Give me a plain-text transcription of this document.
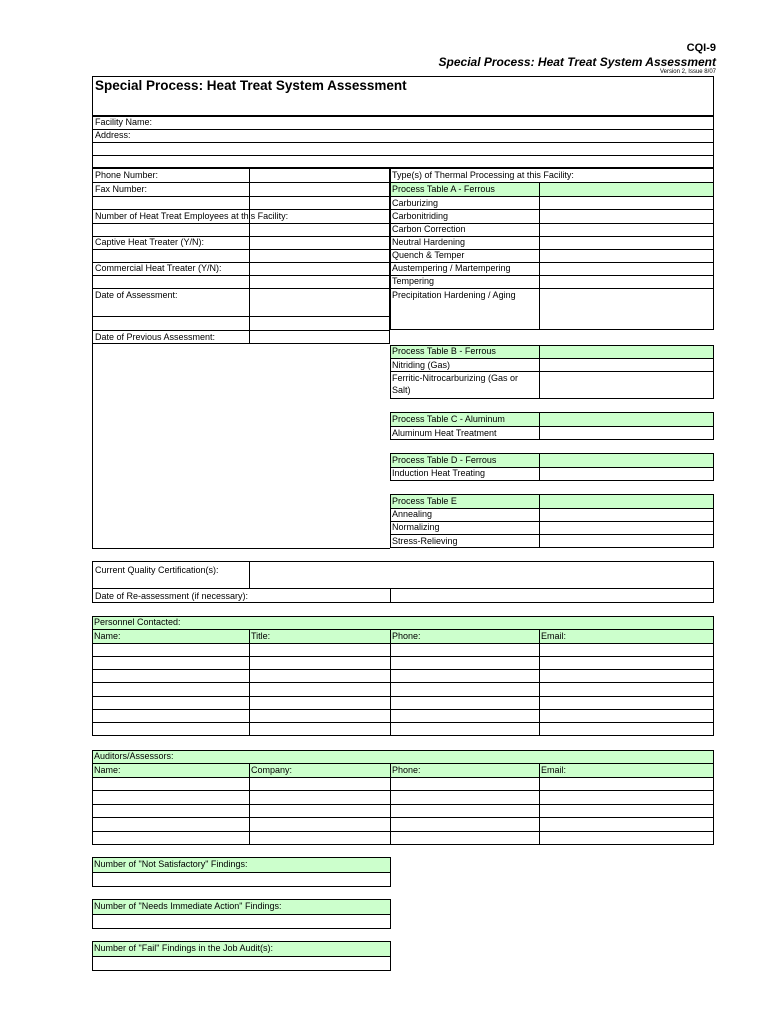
CQI-9
Special Process: Heat Treat System Assessment
Version 2, Issue 8/07
Special Process: Heat Treat System Assessment
Facility Name:
Address:
Phone Number:
Fax Number:
Number of Heat Treat Employees at this Facility:
Captive Heat Treater (Y/N):
Commercial Heat Treater (Y/N):
Date of Assessment:
Date of Previous Assessment:
Type(s) of Thermal Processing at this Facility:
Process Table A - Ferrous
Carburizing
Carbonitriding
Carbon Correction
Neutral Hardening
Quench & Temper
Austempering / Martempering
Tempering
Precipitation Hardening / Aging
Process Table B - Ferrous
Nitriding (Gas)
Ferritic-Nitrocarburizing (Gas or
Salt)
Process Table C - Aluminum
Aluminum Heat Treatment
Process Table D - Ferrous
Induction Heat Treating
Process Table E
Annealing
Normalizing
Stress-Relieving
Current Quality Certification(s):
Date of Re-assessment (if necessary):
Personnel Contacted:
Name:	Title:	Phone:	Email:
Auditors/Assessors:
Name:	Company:	Phone:	Email:
Number of "Not Satisfactory" Findings:
Number of "Needs Immediate Action" Findings:
Number of "Fail" Findings in the Job Audit(s):
